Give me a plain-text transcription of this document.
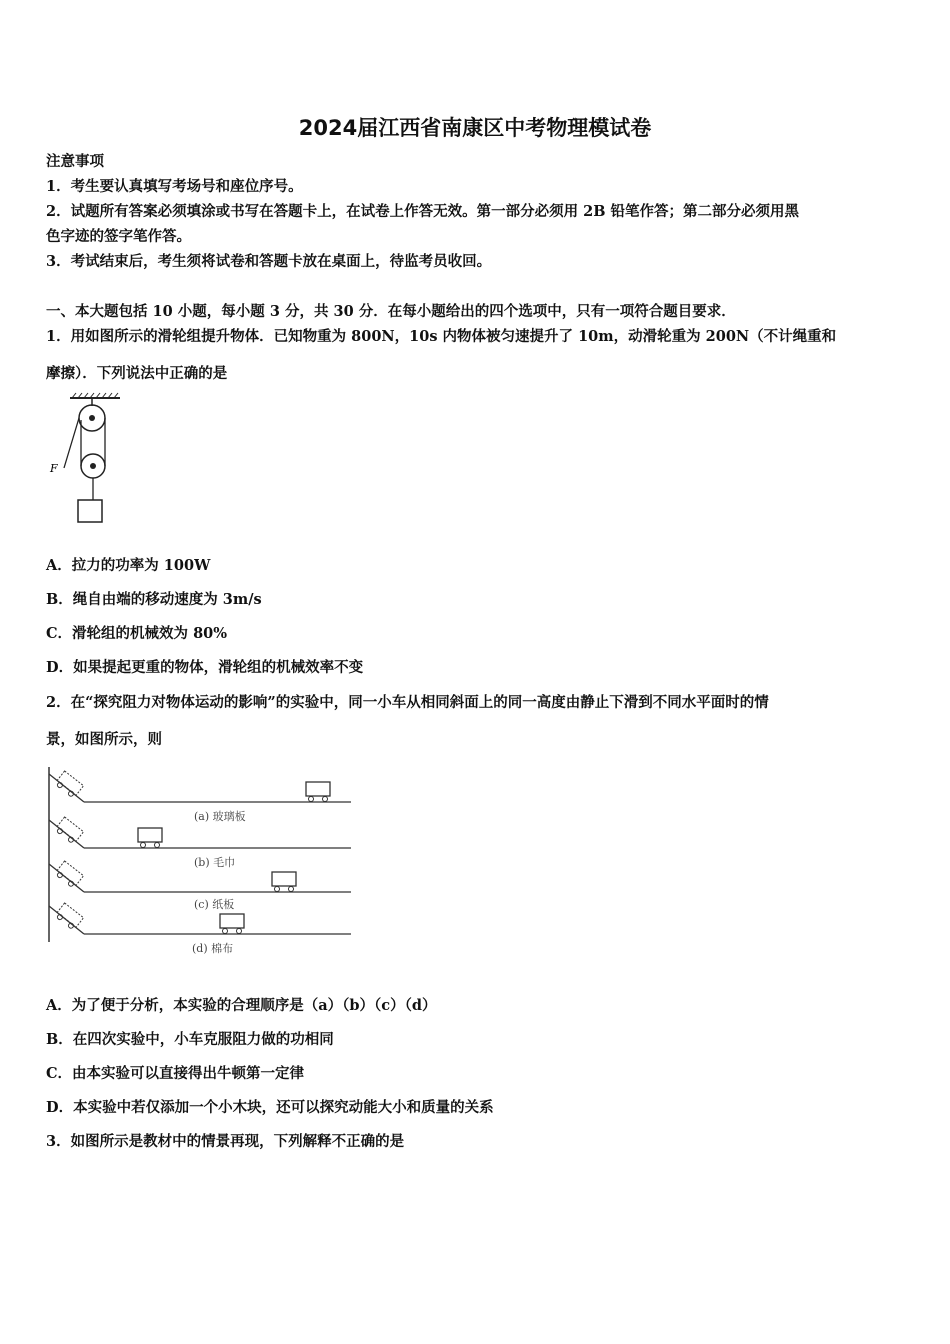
2024届江西省南康区中考物理模试卷
注意事项
1．考生要认真填写考场号和座位序号。
2．试题所有答案必须填涂或书写在答题卡上，在试卷上作答无效。第一部分必须用 2B 铅笔作答；第二部分必须用黑
色字迹的签字笔作答。
3．考试结束后，考生须将试卷和答题卡放在桌面上，待监考员收回。
一、本大题包括 10 小题，每小题 3 分，共 30 分．在每小题给出的四个选项中，只有一项符合题目要求．
1．用如图所示的滑轮组提升物体．已知物重为 800N，10s 内物体被匀速提升了 10m，动滑轮重为 200N（不计绳重和
摩擦）．下列说法中正确的是
F
A．拉力的功率为 100W
B．绳自由端的移动速度为 3m/s
C．滑轮组的机械效为 80%
D．如果提起更重的物体，滑轮组的机械效率不变
2．在“探究阻力对物体运动的影响”的实验中，同一小车从相同斜面上的同一高度由静止下滑到不同水平面时的情
景，如图所示，则
(a) 玻璃板
(b) 毛巾
(c) 纸板
(d) 棉布
A．为了便于分析，本实验的合理顺序是（a）（b）（c）（d）
B．在四次实验中，小车克服阻力做的功相同
C．由本实验可以直接得出牛顿第一定律
D．本实验中若仅添加一个小木块，还可以探究动能大小和质量的关系
3．如图所示是教材中的情景再现，下列解释不正确的是
